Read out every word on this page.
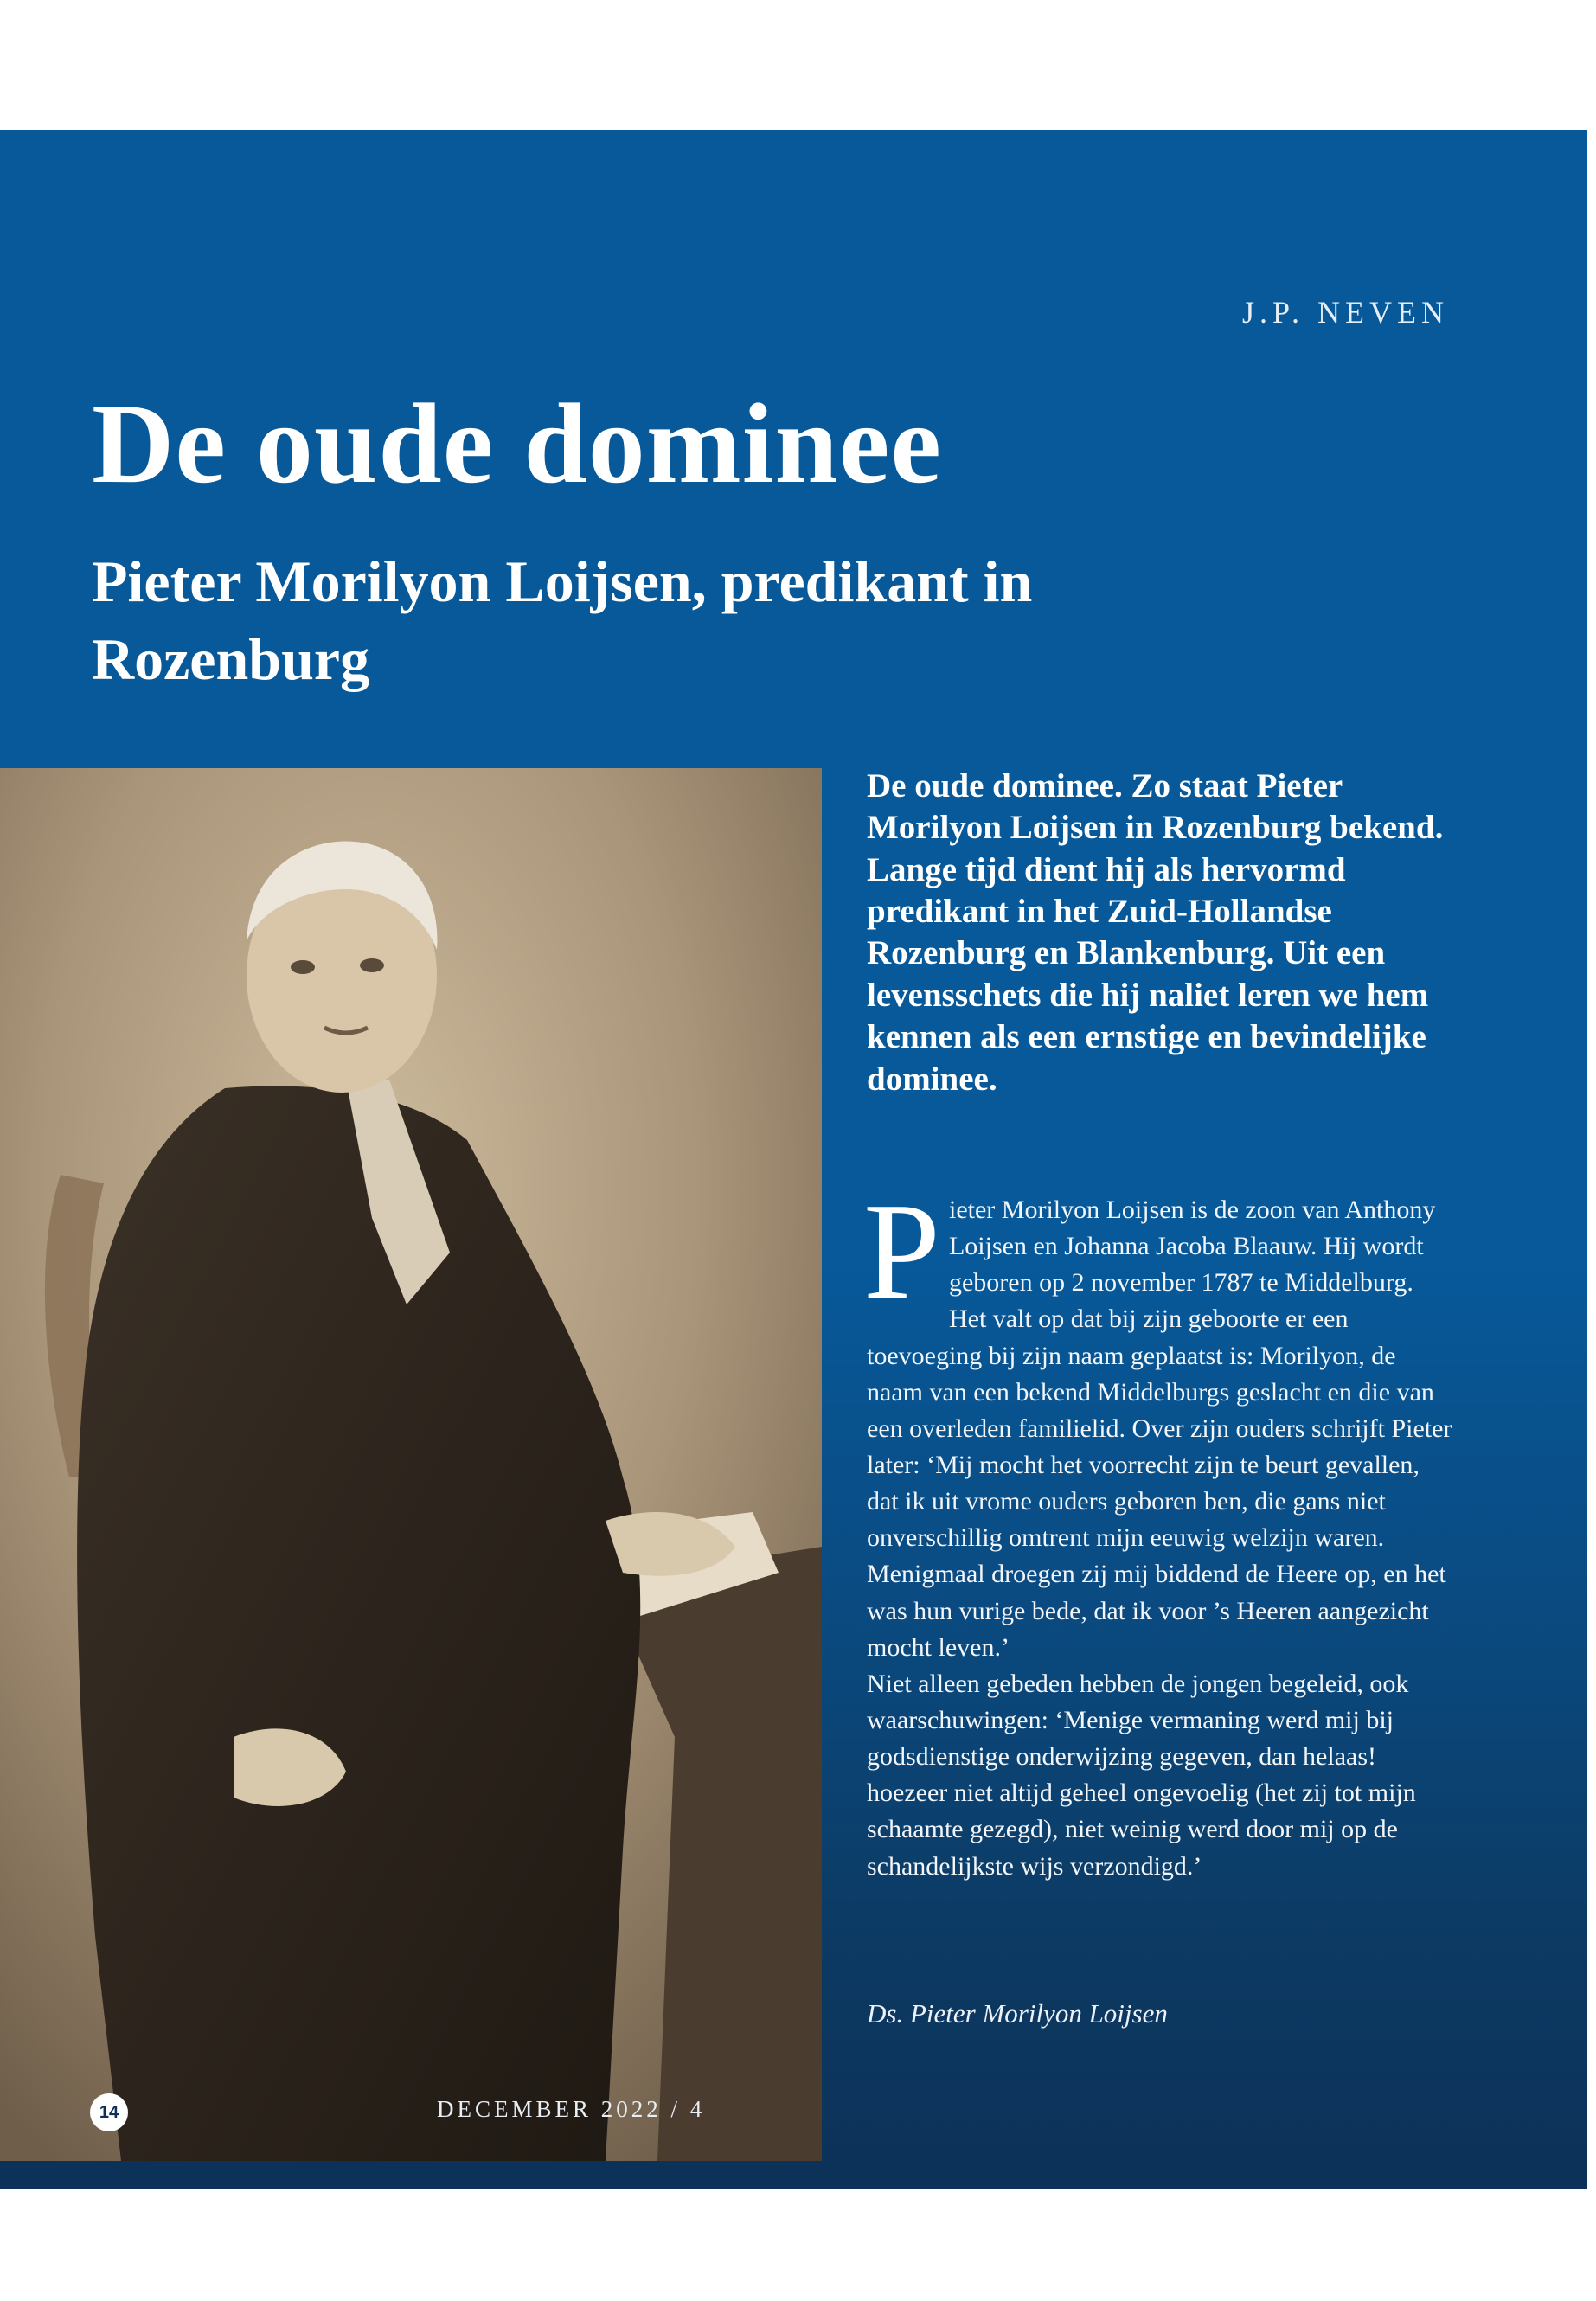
J.P. NEVEN
De oude dominee
Pieter Morilyon Loijsen, predikant in Rozenburg
De oude dominee. Zo staat Pieter Morilyon Loijsen in Rozenburg bekend. Lange tijd dient hij als hervormd predikant in het Zuid-Hollandse Rozenburg en Blankenburg. Uit een levensschets die hij naliet leren we hem kennen als een ernstige en bevindelijke dominee.

Pieter Morilyon Loijsen is de zoon van Anthony Loijsen en Johanna Jacoba Blaauw. Hij wordt geboren op 2 november 1787 te Middelburg. Het valt op dat bij zijn geboorte er een toevoeging bij zijn naam geplaatst is: Morilyon, de naam van een bekend Middelburgs geslacht en die van een overleden familielid. Over zijn ouders schrijft Pieter later: ‘Mij mocht het voorrecht zijn te beurt gevallen, dat ik uit vrome ouders geboren ben, die gans niet onverschillig omtrent mijn eeuwig welzijn waren. Menigmaal droegen zij mij biddend de Heere op, en het was hun vurige bede, dat ik voor ’s Heeren aangezicht mocht leven.’

Niet alleen gebeden hebben de jongen begeleid, ook waarschuwingen: ‘Menige vermaning werd mij bij godsdienstige onderwijzing gegeven, dan helaas! hoezeer niet altijd geheel ongevoelig (het zij tot mijn schaamte gezegd), niet weinig werd door mij op de schandelijkste wijs verzondigd.’

Ds. Pieter Morilyon Loijsen
14	DECEMBER 2022 / 4
